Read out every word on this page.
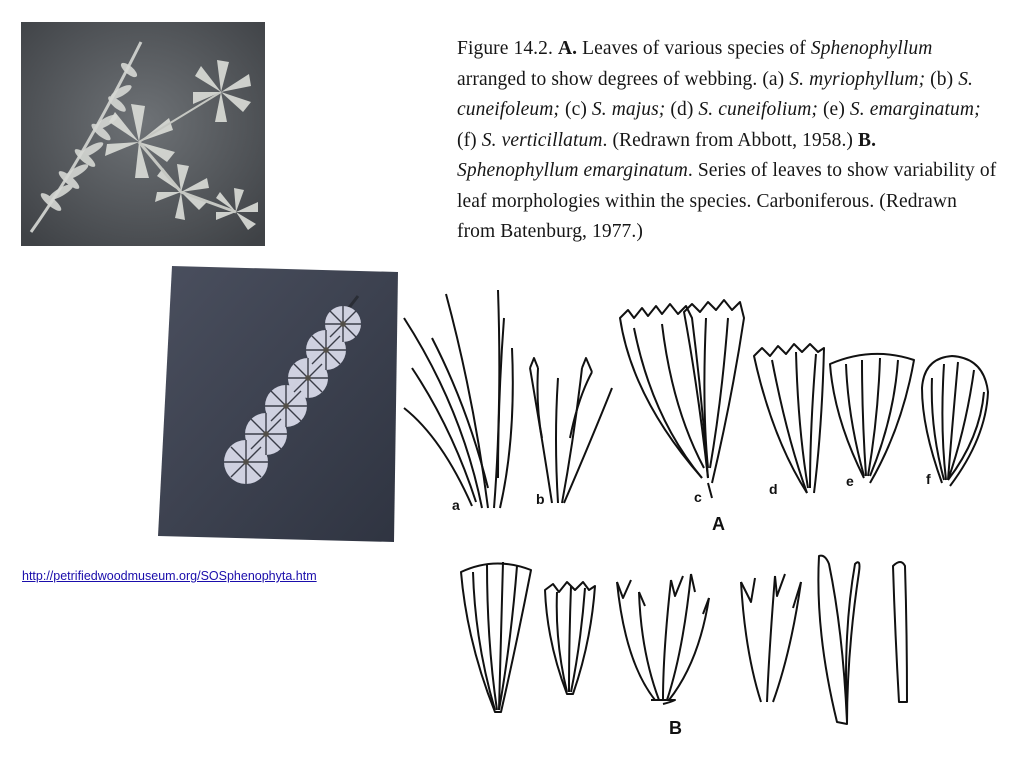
Figure 14.2. A. Leaves of various species of Sphenophyllum arranged to show degrees of webbing. (a) S. myriophyllum; (b) S. cuneifoleum; (c) S. majus; (d) S. cuneifolium; (e) S. emarginatum; (f) S. verticillatum. (Redrawn from Abbott, 1958.) B. Sphenophyllum emarginatum. Series of leaves to show variability of leaf morphologies within the species. Carboniferous. (Redrawn from Batenburg, 1977.)
a	b	c	d	e	f
A
B
http://petrifiedwoodmuseum.org/SOSphenophyta.htm
